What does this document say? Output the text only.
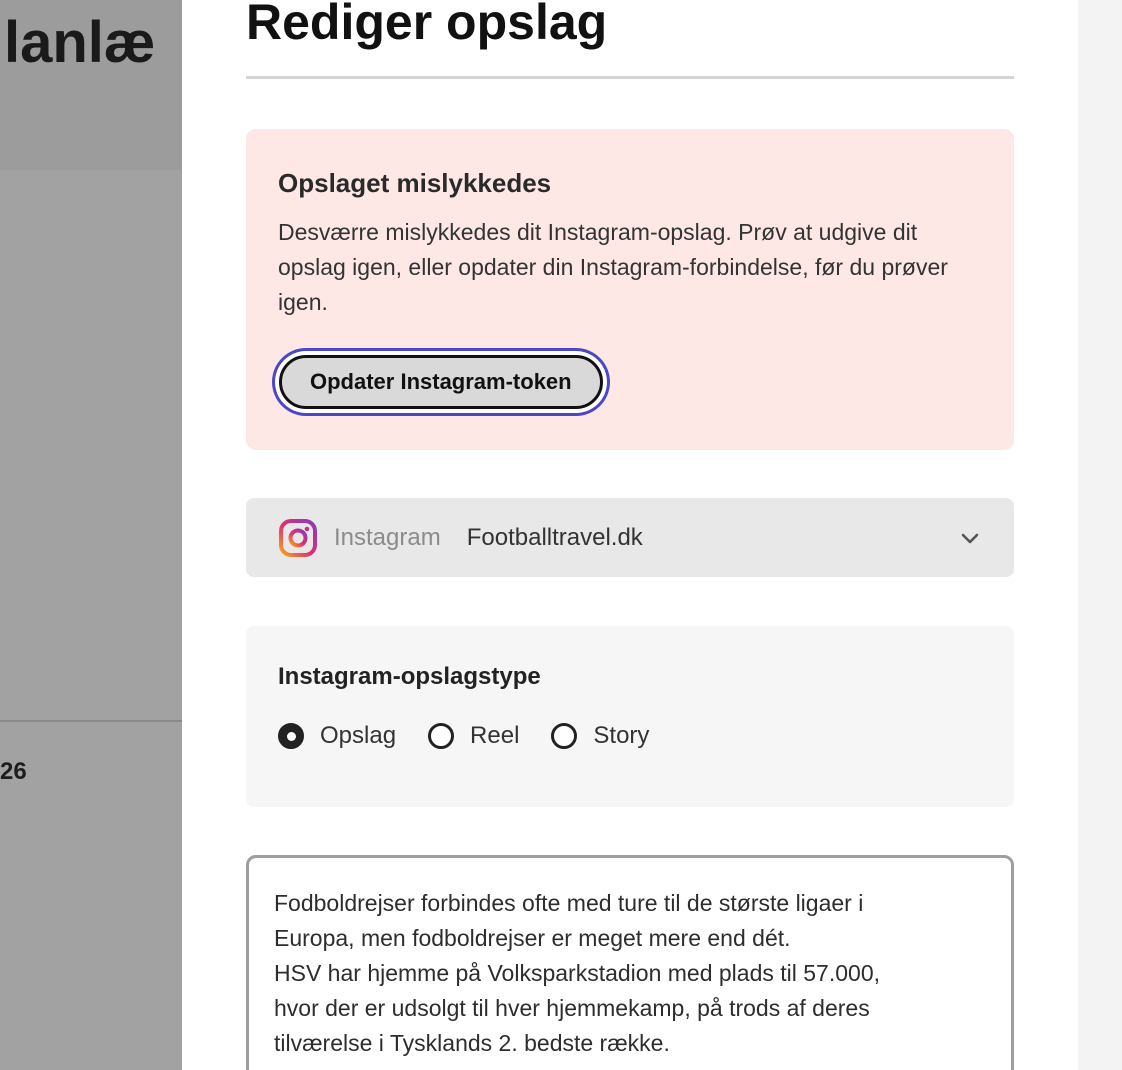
lanlæ
26
Rediger opslag
Opslaget mislykkedes

Desværre mislykkedes dit Instagram-opslag. Prøv at udgive dit opslag igen, eller opdater din Instagram-forbindelse, før du prøver igen.

Opdater Instagram-token
Instagram Footballtravel.dk
Instagram-opslagstype
Opslag	Reel	Story

Fodboldrejser forbindes ofte med ture til de største ligaer i

Europa, men fodboldrejser er meget mere end dét.

HSV har hjemme på Volksparkstadion med plads til 57.000,

hvor der er udsolgt til hver hjemmekamp, på trods af deres

tilværelse i Tysklands 2. bedste række.
